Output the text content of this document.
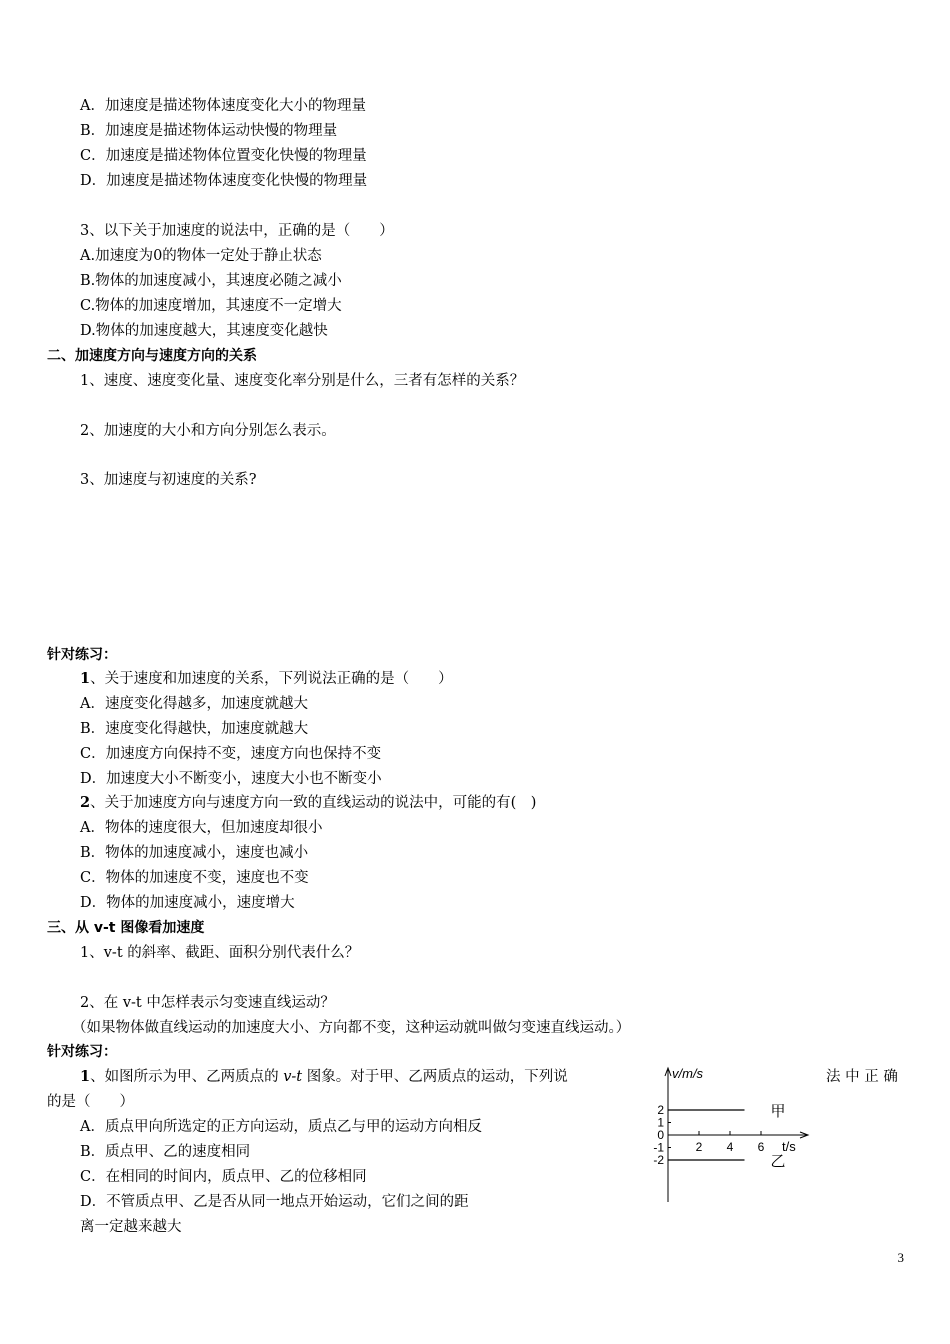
A．加速度是描述物体速度变化大小的物理量
B．加速度是描述物体运动快慢的物理量
C．加速度是描述物体位置变化快慢的物理量
D．加速度是描述物体速度变化快慢的物理量
3、以下关于加速度的说法中，正确的是（　　）
A.加速度为0的物体一定处于静止状态
B.物体的加速度减小，其速度必随之减小
C.物体的加速度增加，其速度不一定增大
D.物体的加速度越大，其速度变化越快
二、加速度方向与速度方向的关系
1、速度、速度变化量、速度变化率分别是什么，三者有怎样的关系？
2、加速度的大小和方向分别怎么表示。
3、加速度与初速度的关系?
针对练习：
1、关于速度和加速度的关系，下列说法正确的是（　　）
A．速度变化得越多，加速度就越大
B．速度变化得越快，加速度就越大
C．加速度方向保持不变，速度方向也保持不变
D．加速度大小不断变小，速度大小也不断变小
2、关于加速度方向与速度方向一致的直线运动的说法中，可能的有(　)
A．物体的速度很大，但加速度却很小
B．物体的加速度减小，速度也减小
C．物体的加速度不变，速度也不变
D．物体的加速度减小，速度增大
三、从 v-t 图像看加速度
1、v-t 的斜率、截距、面积分别代表什么？
2、在 v-t 中怎样表示匀变速直线运动？
（如果物体做直线运动的加速度大小、方向都不变，这种运动就叫做匀变速直线运动。）
针对练习：
1、如图所示为甲、乙两质点的 v-t 图象。对于甲、乙两质点的运动，下列说	法 中 正 确
的是（　　）
A．质点甲向所选定的正方向运动，质点乙与甲的运动方向相反
B．质点甲、乙的速度相同
C．在相同的时间内，质点甲、乙的位移相同
D．不管质点甲、乙是否从同一地点开始运动，它们之间的距
离一定越来越大
v/m/s
t/s
2
1
0
-1
-2
2 4 6
甲
乙
3
